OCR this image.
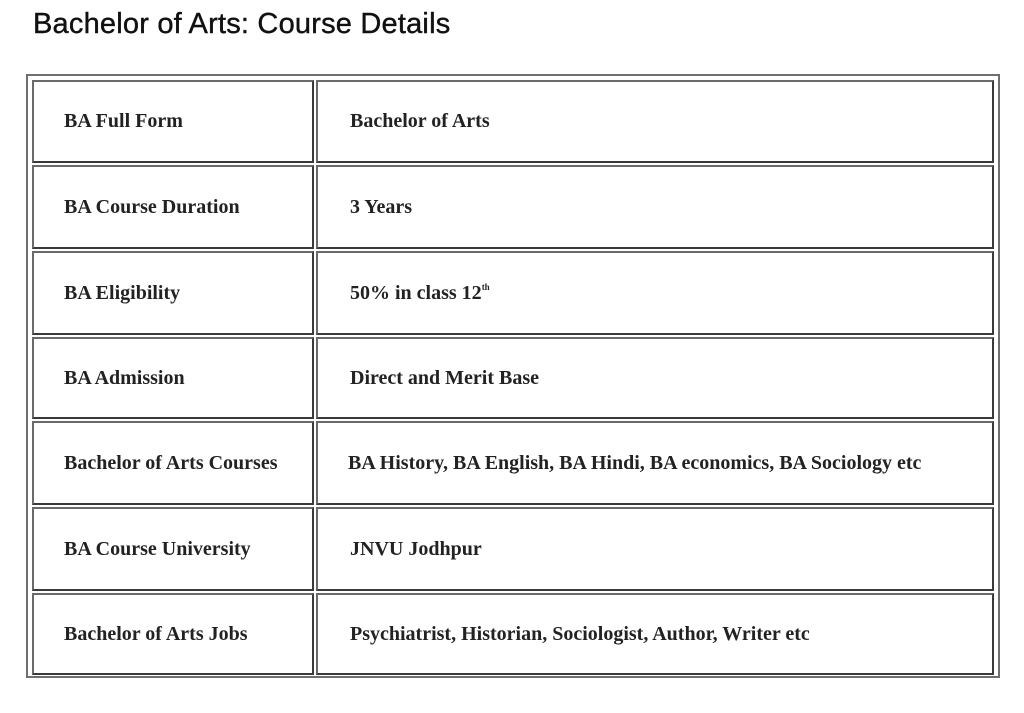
Bachelor of Arts: Course Details
BA Full Form	Bachelor of Arts
BA Course Duration	3 Years
BA Eligibility	50% in class 12th
BA Admission	Direct and Merit Base
Bachelor of Arts Courses	BA History, BA English, BA Hindi, BA economics, BA Sociology etc
BA Course University	JNVU Jodhpur
Bachelor of Arts Jobs	Psychiatrist, Historian, Sociologist, Author, Writer etc
